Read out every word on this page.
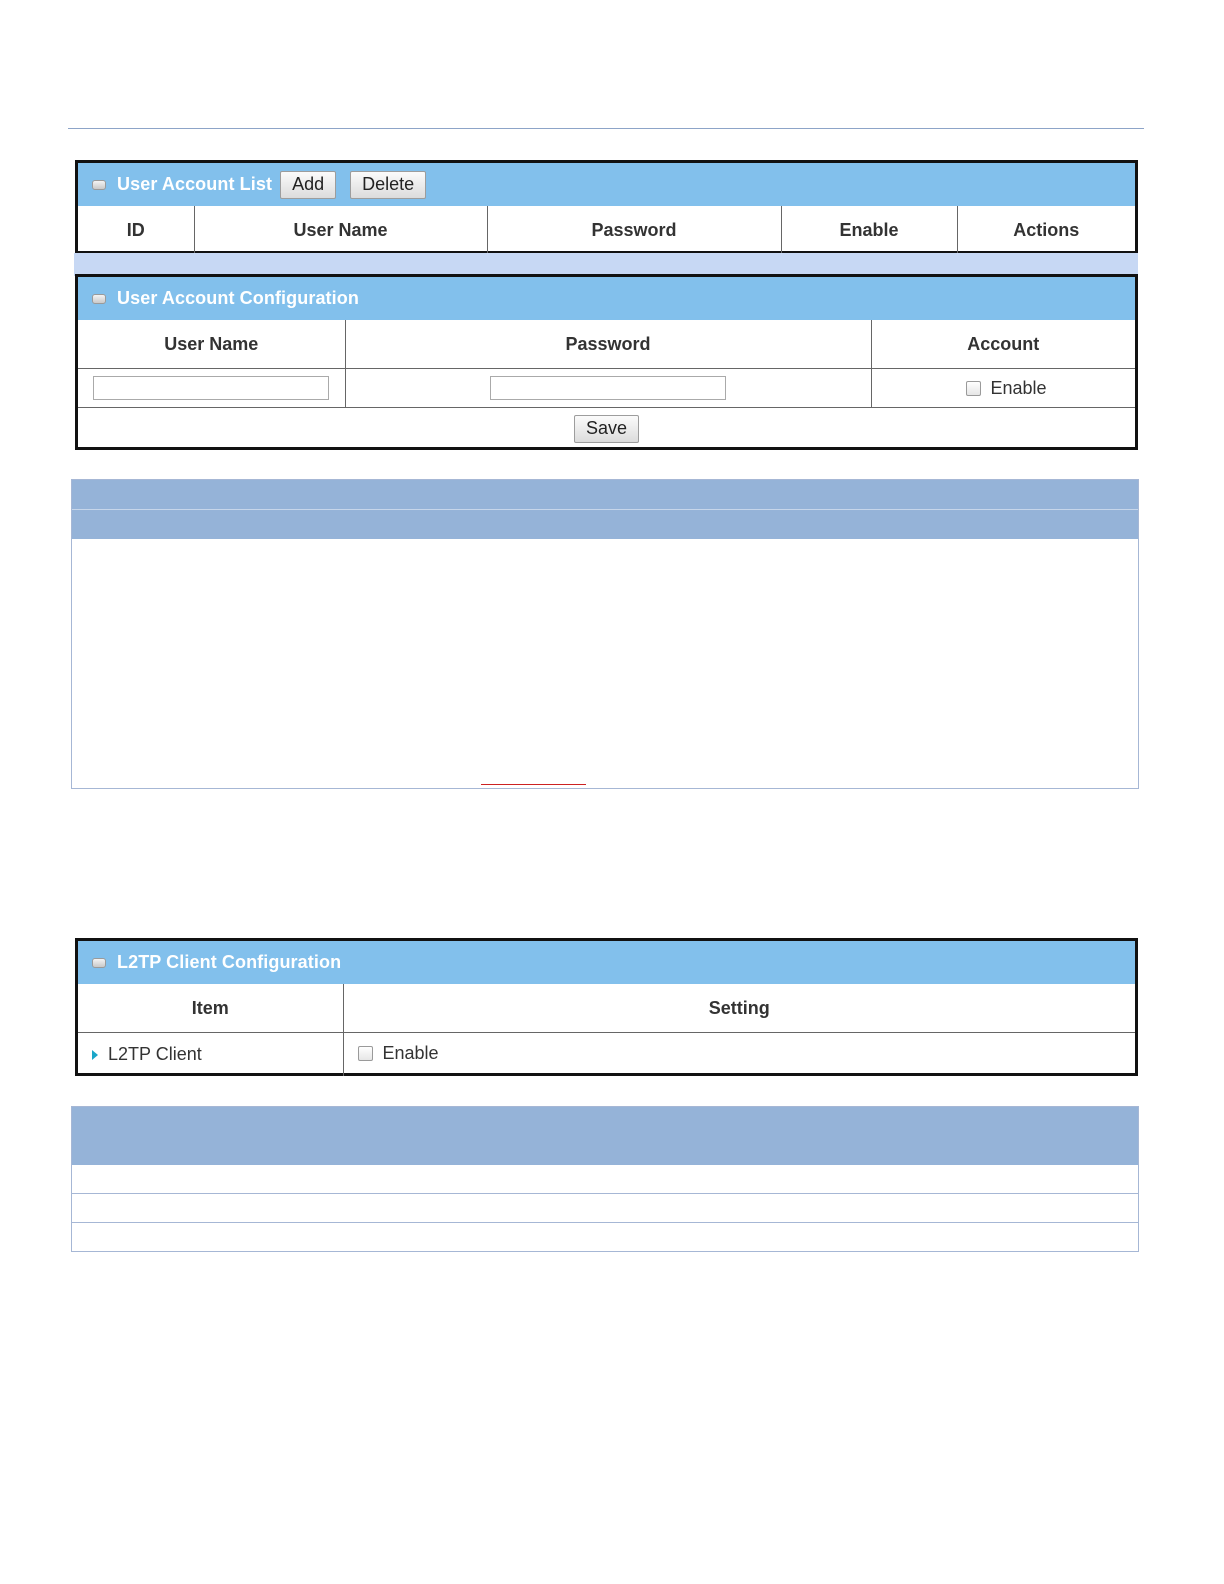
User Account List	Add	Delete
ID	User Name	Password	Enable	Actions
User Account Configuration
User Name	Password	Account
		Enable
Save		
L2TP Client Configuration
Item	Setting
L2TP Client	Enable
